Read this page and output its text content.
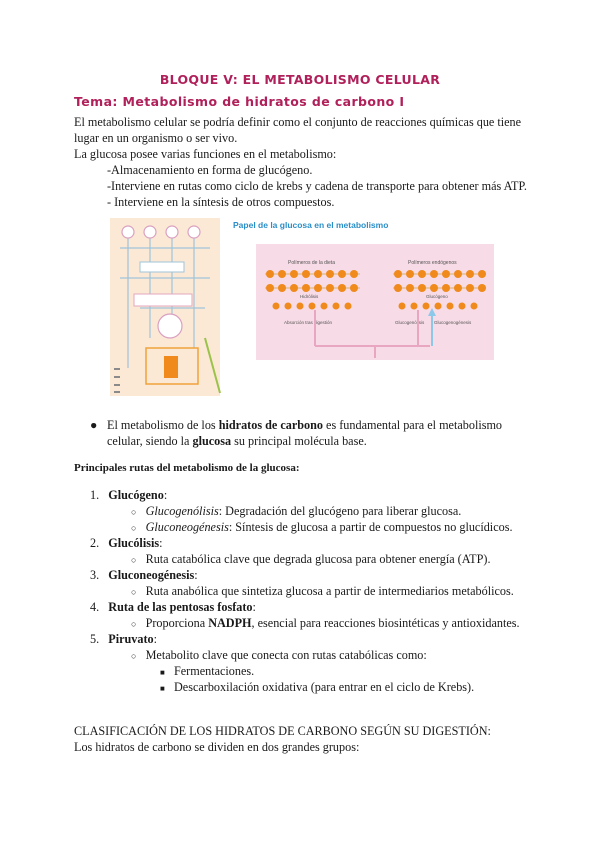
BLOQUE V: EL METABOLISMO CELULAR
Tema: Metabolismo de hidratos de carbono I
El metabolismo celular se podría definir como el conjunto de reacciones químicas que tiene
lugar en un organismo o ser vivo.
La glucosa posee varias funciones en el metabolismo:
-Almacenamiento en forma de glucógeno.
-Interviene en rutas como ciclo de krebs y cadena de transporte para obtener más ATP.
- Interviene en la síntesis de otros compuestos.
Papel de la glucosa en el metabolismo
Polímeros de la dieta	Polímeros endógenos
Hidrólisis	Glucógeno
Absorción tras digestión	Glucogenólisis Glucogenogénesis
● El metabolismo de los hidratos de carbono es fundamental para el metabolismo
celular, siendo la glucosa su principal molécula base.
Principales rutas del metabolismo de la glucosa:
1. Glucógeno:
○ Glucogenólisis: Degradación del glucógeno para liberar glucosa.
○ Gluconeogénesis: Síntesis de glucosa a partir de compuestos no glucídicos.
2. Glucólisis:
○ Ruta catabólica clave que degrada glucosa para obtener energía (ATP).
3. Gluconeogénesis:
○ Ruta anabólica que sintetiza glucosa a partir de intermediarios metabólicos.
4. Ruta de las pentosas fosfato:
○ Proporciona NADPH, esencial para reacciones biosintéticas y antioxidantes.
5. Piruvato:
○ Metabolito clave que conecta con rutas catabólicas como:
■ Fermentaciones.
■ Descarboxilación oxidativa (para entrar en el ciclo de Krebs).
CLASIFICACIÓN DE LOS HIDRATOS DE CARBONO SEGÚN SU DIGESTIÓN:
Los hidratos de carbono se dividen en dos grandes grupos:
